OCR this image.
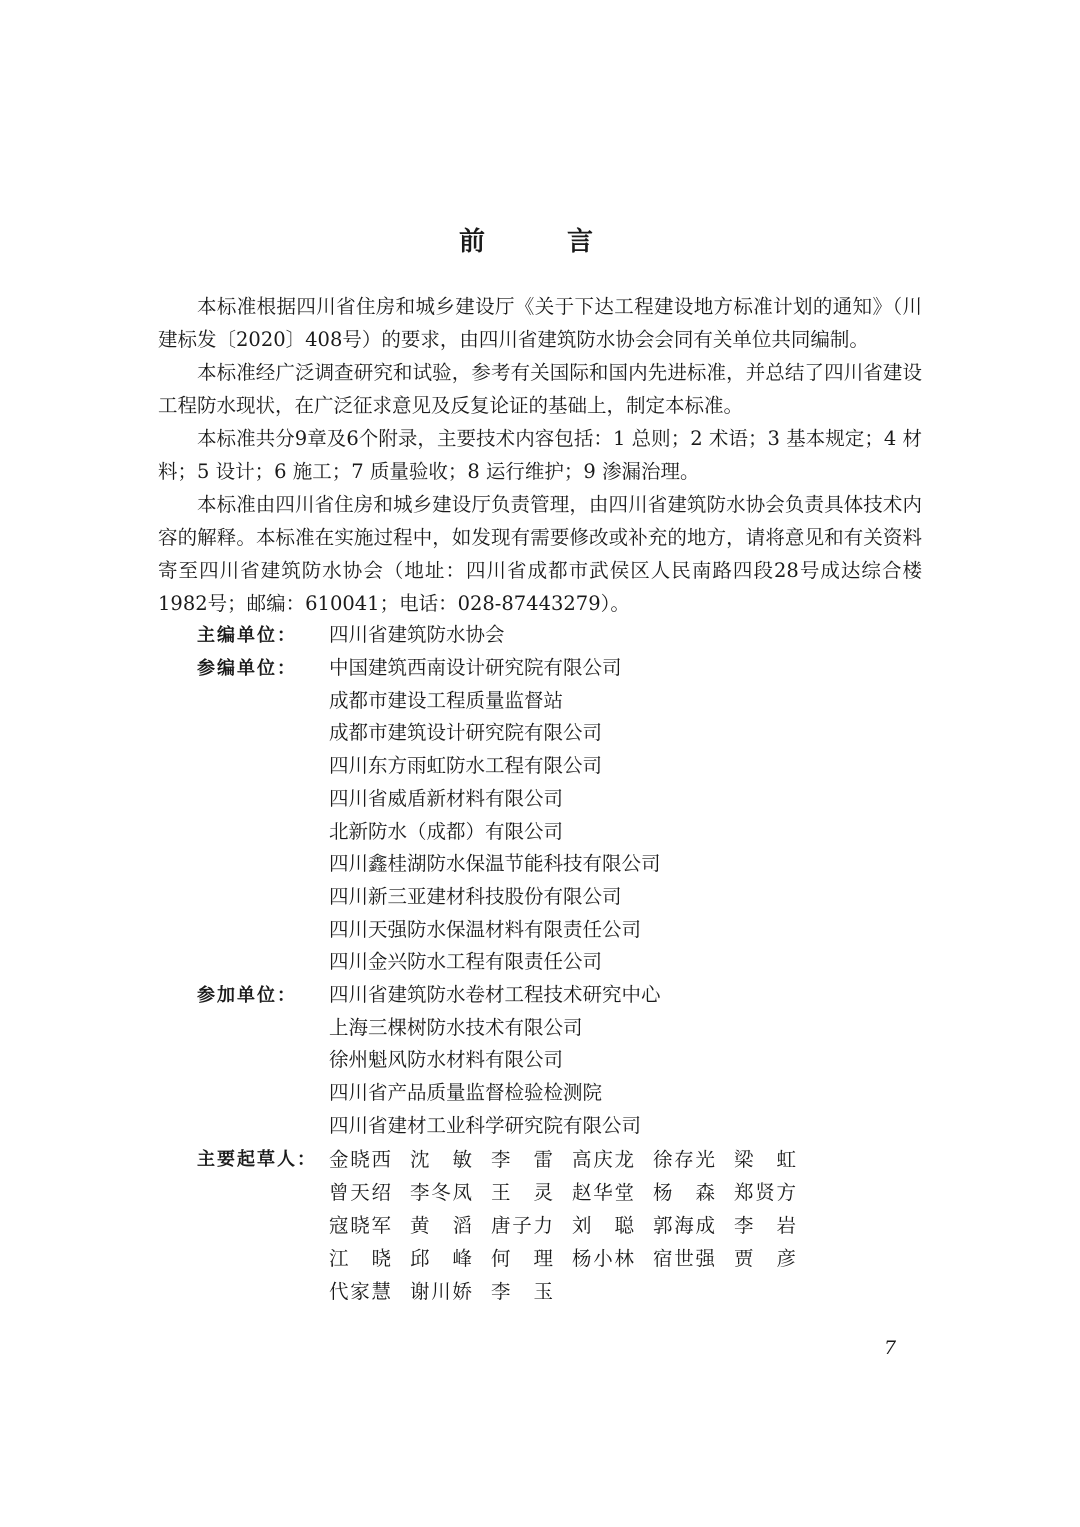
前　言

本标准根据四川省住房和城乡建设厅《关于下达工程建设地方标准计划的通知》（川建标发〔2020〕408号）的要求，由四川省建筑防水协会会同有关单位共同编制。

本标准经广泛调查研究和试验，参考有关国际和国内先进标准，并总结了四川省建设工程防水现状，在广泛征求意见及反复论证的基础上，制定本标准。

本标准共分9章及6个附录，主要技术内容包括：1 总则；2 术语；3 基本规定；4 材料；5 设计；6 施工；7 质量验收；8 运行维护；9 渗漏治理。

本标准由四川省住房和城乡建设厅负责管理，由四川省建筑防水协会负责具体技术内容的解释。本标准在实施过程中，如发现有需要修改或补充的地方，请将意见和有关资料寄至四川省建筑防水协会（地址：四川省成都市武侯区人民南路四段28号成达综合楼1982号；邮编：610041；电话：028-87443279）。

主编单位：	四川省建筑防水协会
参编单位：	中国建筑西南设计研究院有限公司
成都市建设工程质量监督站
成都市建筑设计研究院有限公司
四川东方雨虹防水工程有限公司
四川省威盾新材料有限公司
北新防水（成都）有限公司
四川鑫桂湖防水保温节能科技有限公司
四川新三亚建材科技股份有限公司
四川天强防水保温材料有限责任公司
四川金兴防水工程有限责任公司
参加单位：	四川省建筑防水卷材工程技术研究中心
上海三棵树防水技术有限公司
徐州魁风防水材料有限公司
四川省产品质量监督检验检测院
四川省建材工业科学研究院有限公司
主要起草人： 金晓西 沈　敏 李　雷 高庆龙 徐存光 梁　虹
曾天绍 李冬凤 王　灵 赵华堂 杨　森 郑贤方
寇晓军 黄　滔 唐子力 刘　聪 郭海成 李　岩
江　晓 邱　峰 何　理 杨小林 宿世强 贾　彦
代家慧 谢川娇 李　玉
7
